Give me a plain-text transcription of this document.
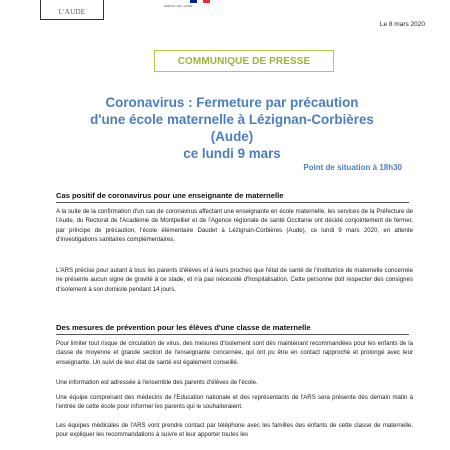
L'AUDE
PRÉFET DE L'AUDE
Le 8 mars 2020
COMMUNIQUE DE PRESSE
Coronavirus : Fermeture par précaution
d'une école maternelle à Lézignan-Corbières (Aude)
ce lundi 9 mars
Point de situation à 18h30
Cas positif de coronavirus pour une enseignante de maternelle
A la suite de la confirmation d'un cas de coronavirus affectant une enseignante en école maternelle, les services de la Préfecture de l'Aude, du Rectorat de l'Académie de Montpellier et de l'Agence régionale de santé Occitanie ont décidé conjointement de fermer, par principe de précaution, l'école élémentaire Daudet à Lézignan-Corbières (Aude), ce lundi 9 mars 2020, en attente d'investigations sanitaires complémentaires.
L'ARS précise pour autant à tous les parents d'élèves et à leurs proches que l'état de santé de l'institutrice de maternelle concernée ne présente aucun signe de gravité à ce stade, et n'a pas nécessité d'hospitalisation. Cette personne doit respecter des consignes d'isolement à son domicile pendant 14 jours.
Des mesures de prévention pour les élèves d'une classe de maternelle
Pour limiter tout risque de circulation de virus, des mesures d'isolement sont dès maintenant recommandées pour les enfants de la classe de moyenne et grande section de l'enseignante concernée, qui ont pu être en contact rapproché et prolongé avec leur enseignante. Un suivi de leur état de santé est également conseillé.
Une information est adressée à l'ensemble des parents d'élèves de l'école.
Une équipe comprenant des médecins de l'Education nationale et des représentants de l'ARS sera présente dès demain matin à l'entrée de cette école pour informer les parents qui le souhaiteraient.
Les équipes médicales de l'ARS vont prendre contact par téléphone avec les familles des enfants de cette classe de maternelle, pour expliquer les recommandations à suivre et leur apporter toutes les
